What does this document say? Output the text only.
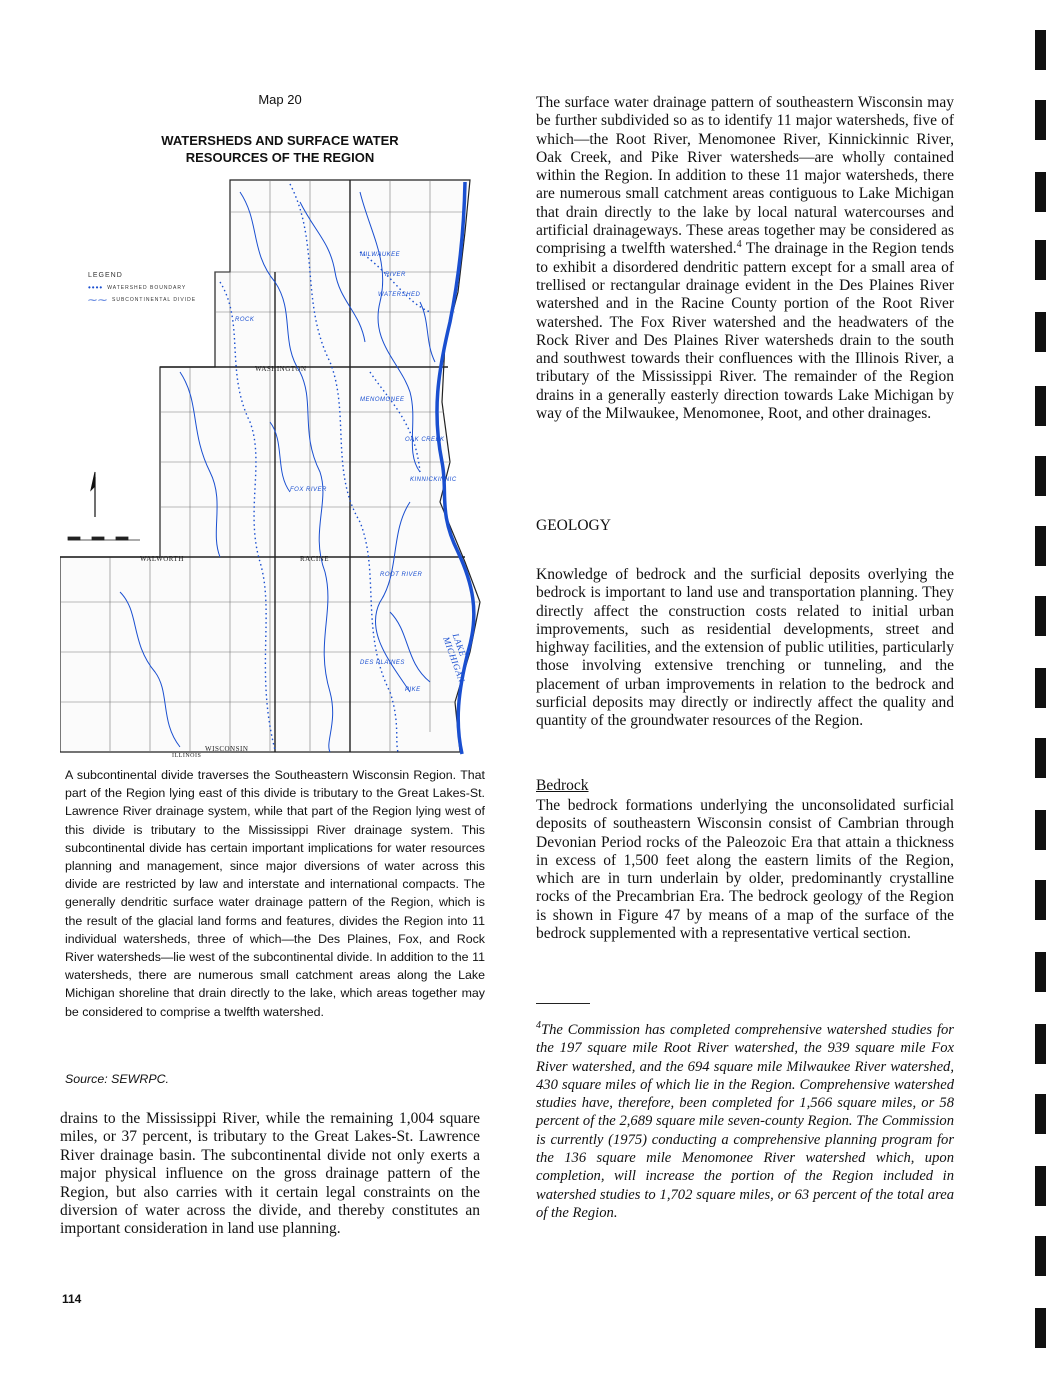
Map 20
WATERSHEDS AND SURFACE WATER
RESOURCES OF THE REGION
LEGEND
•••• WATERSHED BOUNDARY
⁓⁓ SUBCONTINENTAL DIVIDE
RIVER
MILWAUKEE
ROCK
FOX RIVER
ROOT RIVER
WATERSHED
DES PLAINES
PIKE
KINNICKINNIC
OAK CREEK
MENOMONEE
WALWORTH	RACINE
WASHINGTON
WISCONSIN
ILLINOIS
LAKE MICHIGAN
A subcontinental divide traverses the Southeastern Wisconsin Region. That part of the Region lying east of this divide is tributary to the Great Lakes-St. Lawrence River drainage system, while that part of the Region lying west of this divide is tributary to the Mississippi River drainage system. This subcontinental divide has certain important implications for water resources planning and management, since major diversions of water across this divide are restricted by law and interstate and international compacts. The generally dendritic surface water drainage pattern of the Region, which is the result of the glacial land forms and features, divides the Region into 11 individual watersheds, three of which—the Des Plaines, Fox, and Rock River watersheds—lie west of the subcontinental divide. In addition to the 11 watersheds, there are numerous small catchment areas along the Lake Michigan shoreline that drain directly to the lake, which areas together may be considered to comprise a twelfth watershed.
Source: SEWRPC.
drains to the Mississippi River, while the remaining 1,004 square miles, or 37 percent, is tributary to the Great Lakes-St. Lawrence River drainage basin. The subcontinental divide not only exerts a major physical influence on the gross drainage pattern of the Region, but also carries with it certain legal constraints on the diversion of water across the divide, and thereby constitutes an important consideration in land use planning.
114
The surface water drainage pattern of southeastern Wisconsin may be further subdivided so as to identify 11 major watersheds, five of which—the Root River, Menomonee River, Kinnickinnic River, Oak Creek, and Pike River watersheds—are wholly contained within the Region. In addition to these 11 major watersheds, there are numerous small catchment areas contiguous to Lake Michigan that drain directly to the lake by local natural watercourses and artificial drainageways. These areas together may be considered as comprising a twelfth watershed.$^4$ The drainage in the Region tends to exhibit a disordered dendritic pattern except for a small area of trellised or rectangular drainage evident in the Des Plaines River watershed and in the Racine County portion of the Root River watershed. The Fox River watershed and the headwaters of the Rock River and Des Plaines River watersheds drain to the south and southwest towards their confluences with the Illinois River, a tributary of the Mississippi River. The remainder of the Region drains in a generally easterly direction towards Lake Michigan by way of the Milwaukee, Menomonee, Root, and other drainages.
GEOLOGY
Knowledge of bedrock and the surficial deposits overlying the bedrock is important to land use and transportation planning. They directly affect the construction costs related to initial urban improvements, such as residential developments, street and highway facilities, and the extension of public utilities, particularly those involving extensive trenching or tunneling, and the placement of urban improvements in relation to the bedrock and surficial deposits may directly or indirectly affect the quality and quantity of the groundwater resources of the Region.
Bedrock
The bedrock formations underlying the unconsolidated surficial deposits of southeastern Wisconsin consist of Cambrian through Devonian Period rocks of the Paleozoic Era that attain a thickness in excess of 1,500 feet along the eastern limits of the Region, which are in turn underlain by older, predominantly crystalline rocks of the Precambrian Era. The bedrock geology of the Region is shown in Figure 47 by means of a map of the surface of the bedrock supplemented with a representative vertical section.
$^4$The Commission has completed comprehensive watershed studies for the 197 square mile Root River watershed, the 939 square mile Fox River watershed, and the 694 square mile Milwaukee River watershed, 430 square miles of which lie in the Region. Comprehensive watershed studies have, therefore, been completed for 1,566 square miles, or 58 percent of the 2,689 square mile seven-county Region. The Commission is currently (1975) conducting a comprehensive planning program for the 136 square mile Menomonee River watershed which, upon completion, will increase the portion of the Region included in watershed studies to 1,702 square miles, or 63 percent of the total area of the Region.
